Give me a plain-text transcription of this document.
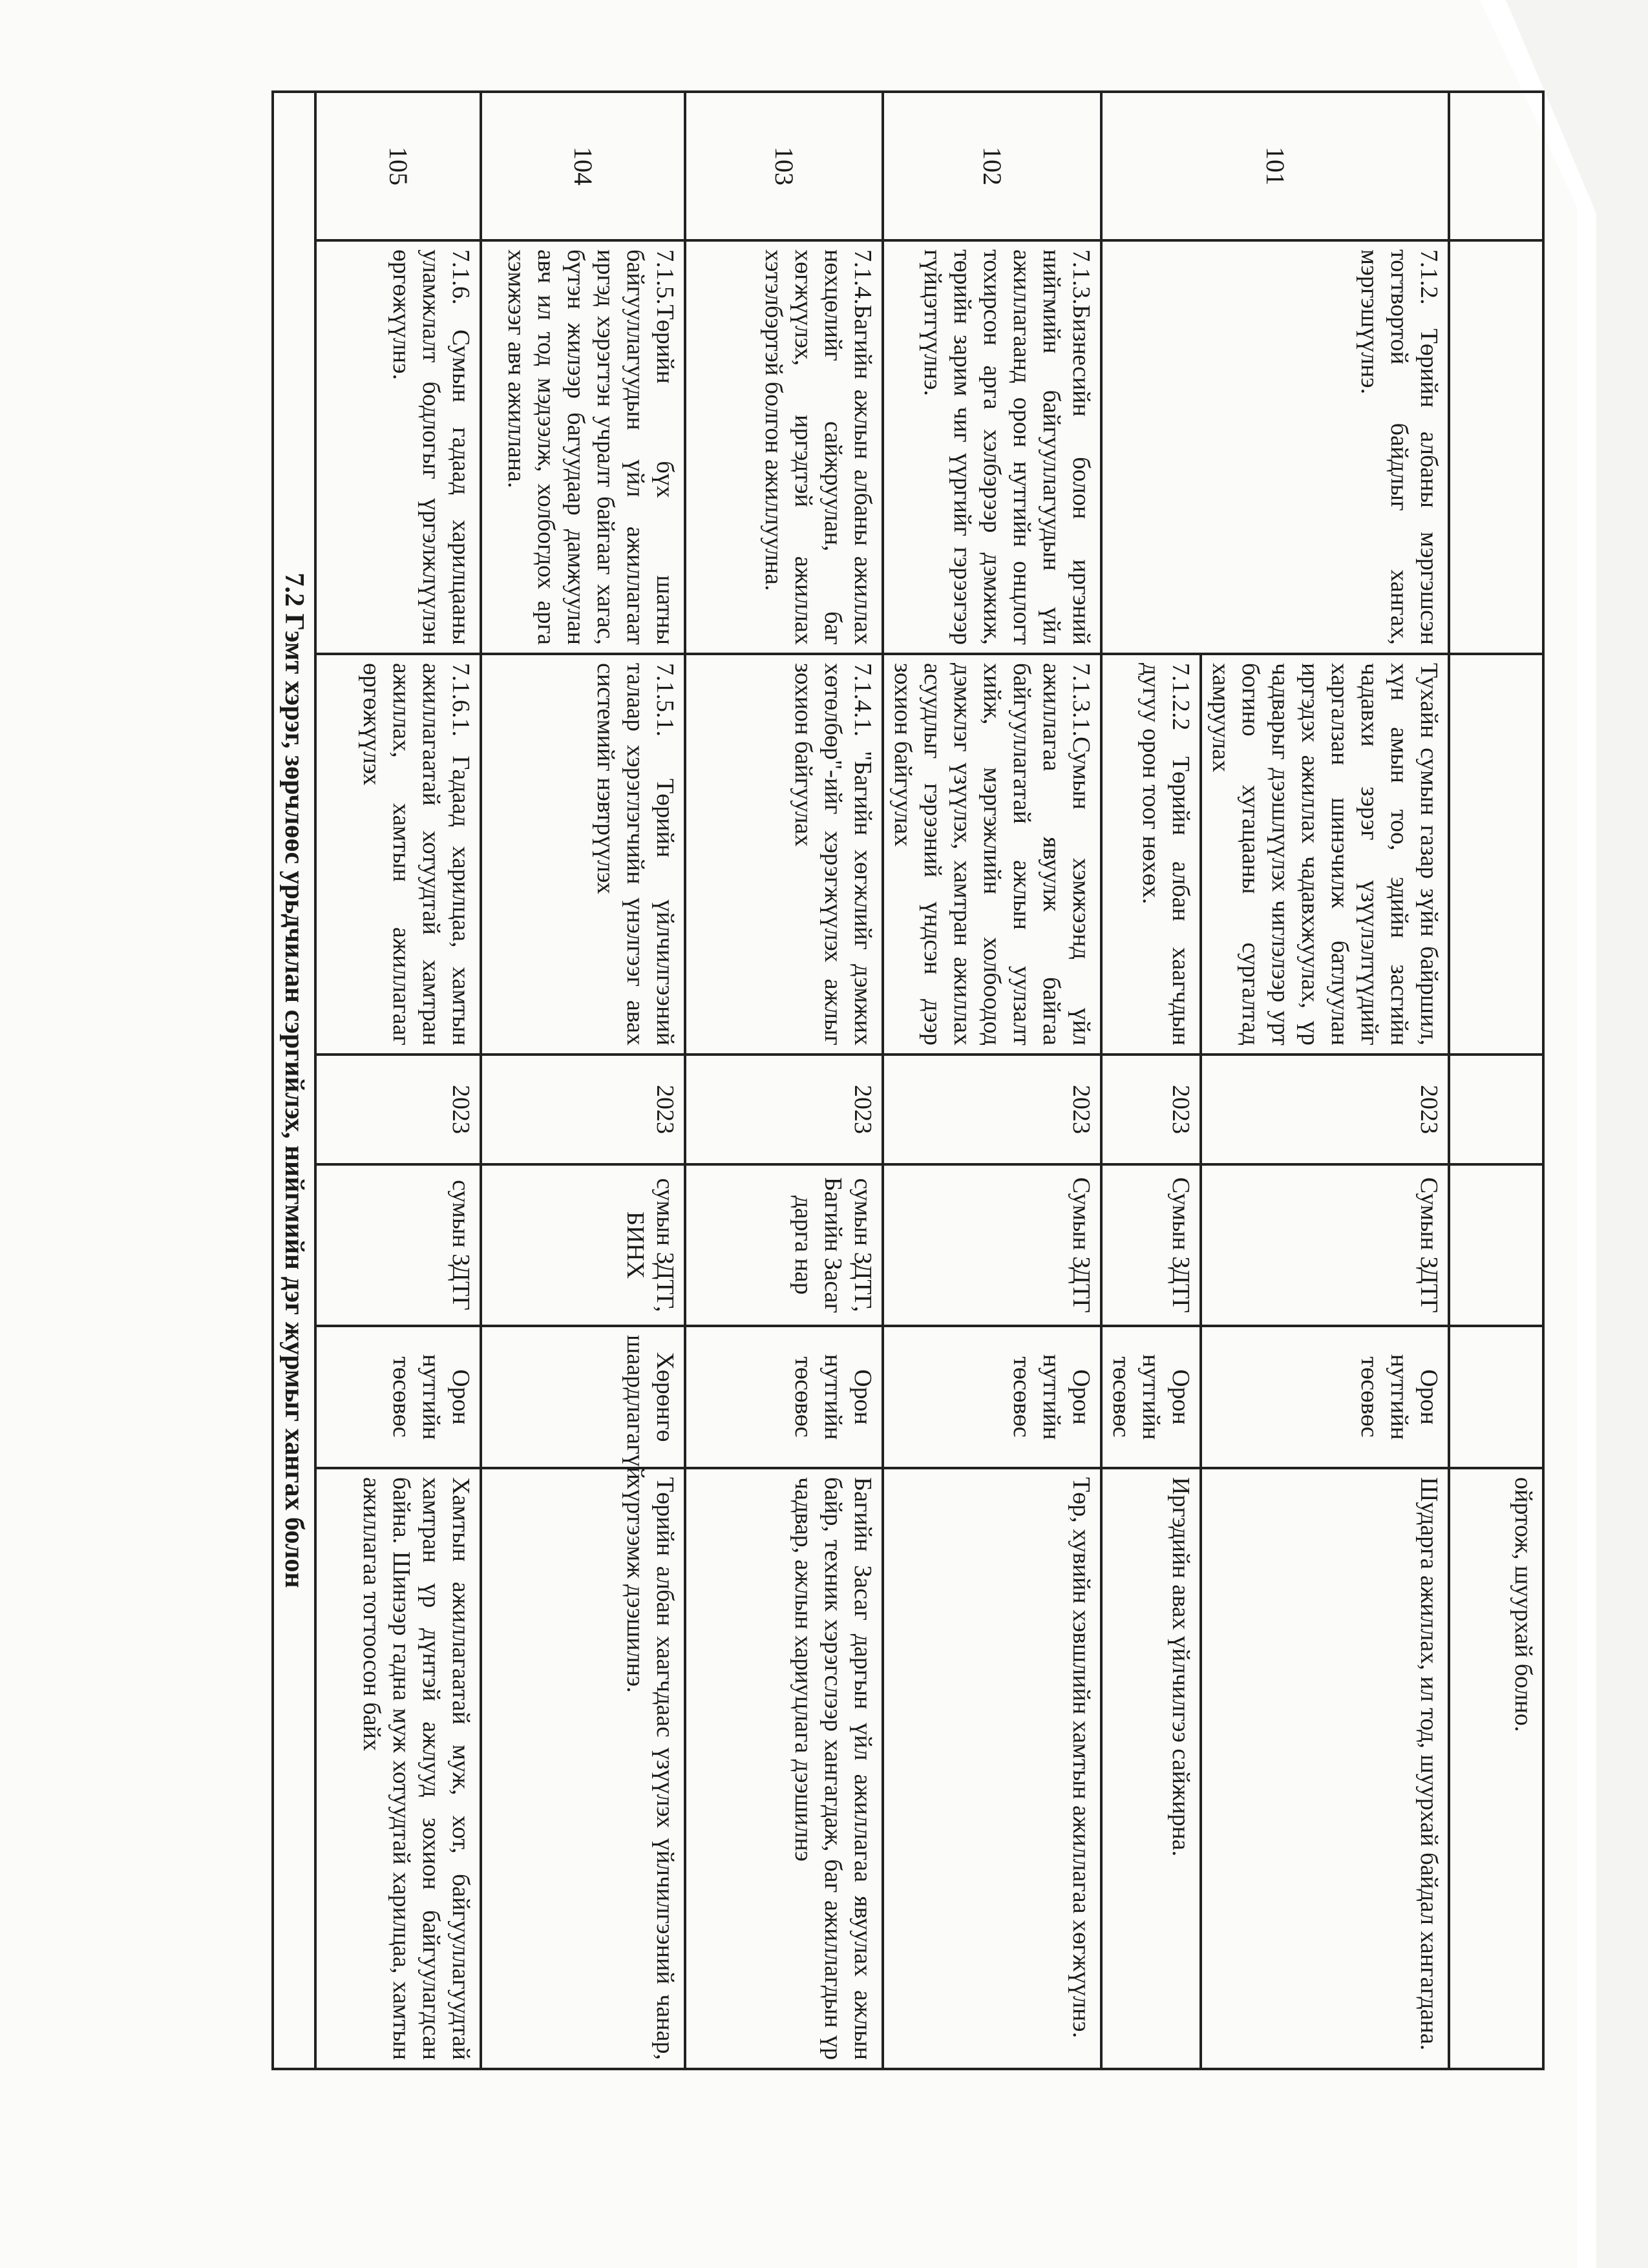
						ойртож, шуурхай болно.
101	7.1.2. Төрийн албаны мэргэшсэн тогтвортой байдлыг хангах, мэргэшүүлнэ.	Тухайн сумын газар зүйн байршил, хүн амын тоо, эдийн засгийн чадавхи зэрэг үзүүлэлтүүдийг харгалзан шинэчилж батлуулан иргэдэх ажиллах чадавхжуулах, үр чадварыг дээшлүүлэх чиглэлээр урт богино хугацааны сургалтад хамруулах	2023	Сумын ЗДТГ	Орон нутгийн төсөвөс	Шударга ажиллах, ил тод, шуурхай байдал хангагдана.
		7.1.2.2 Төрийн албан хаагчдын дугуу орон тоог нөхөх.	2023	Сумын ЗДТГ	Орон нутгийн төсөвөс	Иргэдийн авах үйлчилгээ сайжирна.
102	7.1.3.Бизнесийн болон иргэний нийгмийн байгууллагуудын үйл ажиллагаанд орон нутгийн онцлогт тохирсон арга хэлбэрээр дэмжиж, төрийн зарим чиг үүргийг гэрээгээр гүйцэтгүүлнэ.	7.1.3.1.Сумын хэмжээнд үйл ажиллагаа явуулж байгаа байгууллагатай ажлын уулзалт хийж, мэргэжлийн холбоодод дэмжлэг үзүүлэх, хамтран ажиллах асуудлыг гэрээний үндсэн дээр зохион байгуулах	2023	Сумын ЗДТГ	Орон нутгийн төсөвөс	Төр, хувийн хэвшлийн хамтын ажиллагаа хөгжүүлнэ.
103	7.1.4.Багийн ажлын албаны ажиллах нөхцөлийг сайжруулан, баг хөгжүүлэх, иргэдтэй ажиллах хэтэлбэртэй болгон ажиллуулна.	7.1.4.1. "Багийн хөгжлийг дэмжих хөтөлбөр"-ийг хэрэгжүүлэх ажлыг зохион байгуулах	2023	сумын ЗДТГ, Багийн Засаг дарга нар	Орон нутгийн төсөвөс	Багийн Засаг даргын үйл ажиллагаа явуулах ажлын байр, техник хэрэгслээр хангагдаж, баг ажиллагдын үр чадвар, ажлын хариуцлага дээшилнэ
104	7.1.5.Төрийн бүх шатны байгууллагуудын үйл ажиллагаат иргэд хэрэгтэн учралт байгааг хагас, бүтэн жилээр багуудаар дамжуулан авч ил тод мэдээлж, холбогдох арга хэмжээг авч ажиллана.	7.1.5.1. Төрийн үйлчилгээний талаар хэрэглэгчийн үнэлгээг авах системийг нэвтрүүлэх	2023	сумын ЗДТГ, БИНХ	Хөрөнгө шаардлагагүй	Төрийн албан хаагчдаас үзүүлэх үйлчилгээний чанар, хүртээмж дээшилнэ.
105	7.1.6. Сумын гадаад харилцааны уламжлалт бодлогыг үргэлжлүүлэн өргөжүүлнэ.	7.1.6.1. Гадаад харилцаа, хамтын ажиллагаатай хотуудтай хамтран ажиллах, хамтын ажиллагааг өргөжүүлэх	2023	сумын ЗДТГ	Орон нутгийн төсөвөс	Хамтын ажиллагаатай муж, хот, байгууллагуудтай хамтран үр дүнтэй ажлууд зохион байгуулагдсан байна. Шинээр гадна муж хотуудтай харилцаа, хамтын ажиллагаа тогтоосон байх
7.2 Гэмт хэрэг, зөрчлөөс урьдчилан сэргийлэх, нийгмийн дэг журмыг хангах болон						
